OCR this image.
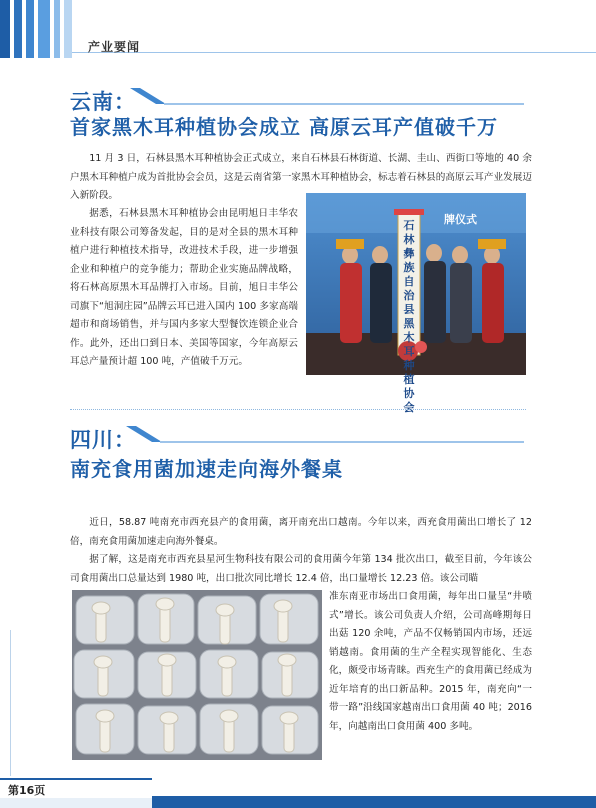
产业要闻
云南：
首家黑木耳种植协会成立 高原云耳产值破千万
11 月 3 日，石林县黑木耳种植协会正式成立，来自石林县石林街道、长湖、圭山、西街口等地的 40 余户黑木耳种植户成为首批协会会员，这是云南省第一家黑木耳种植协会，标志着石林县的高原云耳产业发展迈入新阶段。
据悉，石林县黑木耳种植协会由昆明旭日丰华农业科技有限公司筹备发起，目的是对全县的黑木耳种植户进行种植技术指导，改进技术手段，进一步增强企业和种植户的竞争能力；帮助企业实施品牌战略，将石林高原黑木耳品牌打入市场。目前，旭日丰华公司旗下“旭洞庄园”品牌云耳已进入国内 100 多家高端超市和商场销售，并与国内多家大型餐饮连锁企业合作。此外，还出口到日本、美国等国家，今年高原云耳总产量预计超 100 吨，产值破千万元。
石林彝族自治县黑木耳种植协会
牌仪式
四川：
南充食用菌加速走向海外餐桌
近日，58.87 吨南充市西充县产的食用菌，离开南充出口越南。今年以来，西充食用菌出口增长了 12 倍，南充食用菌加速走向海外餐桌。
据了解，这是南充市西充县星河生物科技有限公司的食用菌今年第 134 批次出口，截至目前，今年该公司食用菌出口总量达到 1980 吨，出口批次同比增长 12.4 倍，出口量增长 12.23 倍。该公司瞄
准东南亚市场出口食用菌，每年出口量呈“井喷式”增长。该公司负责人介绍，公司高峰期每日出菇 120 余吨，产品不仅畅销国内市场，还远销越南。食用菌的生产全程实现智能化、生态化，颇受市场青睐。西充生产的食用菌已经成为近年培育的出口新品种。2015 年，南充向“一带一路”沿线国家越南出口食用菌 40 吨；2016 年，向越南出口食用菌 400 多吨。
第16页
